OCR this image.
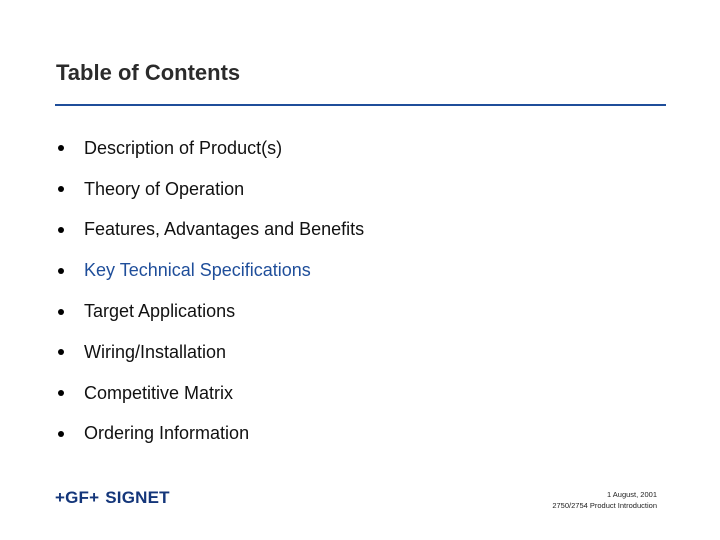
Table of Contents
Description of Product(s)
Theory of Operation
Features, Advantages and Benefits
Key Technical Specifications
Target Applications
Wiring/Installation
Competitive Matrix
Ordering Information
+GF+ SIGNET	1 August, 2001
2750/2754 Product Introduction
